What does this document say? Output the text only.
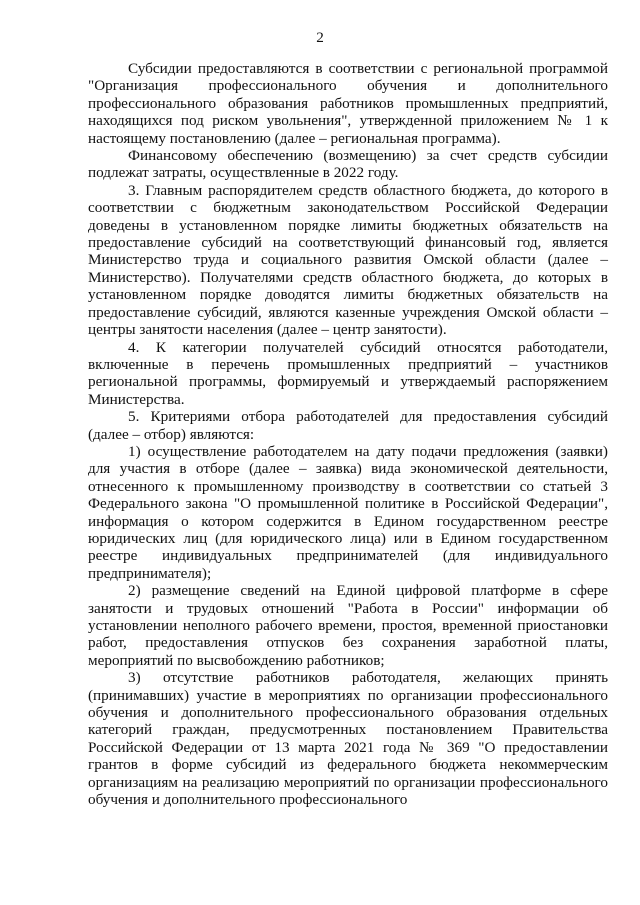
2

Субсидии предоставляются в соответствии с региональной программой "Организация профессионального обучения и дополнительного профессионального образования работников промышленных предприятий, находящихся под риском увольнения", утвержденной приложением № 1 к настоящему постановлению (далее – региональная программа).

Финансовому обеспечению (возмещению) за счет средств субсидии подлежат затраты, осуществленные в 2022 году.

3. Главным распорядителем средств областного бюджета, до которого в соответствии с бюджетным законодательством Российской Федерации доведены в установленном порядке лимиты бюджетных обязательств на предоставление субсидий на соответствующий финансовый год, является Министерство труда и социального развития Омской области (далее – Министерство). Получателями средств областного бюджета, до которых в установленном порядке доводятся лимиты бюджетных обязательств на предоставление субсидий, являются казенные учреждения Омской области – центры занятости населения (далее – центр занятости).

4. К категории получателей субсидий относятся работодатели, включенные в перечень промышленных предприятий – участников региональной программы, формируемый и утверждаемый распоряжением Министерства.

5. Критериями отбора работодателей для предоставления субсидий (далее – отбор) являются:

1) осуществление работодателем на дату подачи предложения (заявки) для участия в отборе (далее – заявка) вида экономической деятельности, отнесенного к промышленному производству в соответствии со статьей 3 Федерального закона "О промышленной политике в Российской Федерации", информация о котором содержится в Едином государственном реестре юридических лиц (для юридического лица) или в Едином государственном реестре индивидуальных предпринимателей (для индивидуального предпринимателя);

2) размещение сведений на Единой цифровой платформе в сфере занятости и трудовых отношений "Работа в России" информации об установлении неполного рабочего времени, простоя, временной приостановки работ, предоставления отпусков без сохранения заработной платы, мероприятий по высвобождению работников;

3) отсутствие работников работодателя, желающих принять (принимавших) участие в мероприятиях по организации профессионального обучения и дополнительного профессионального образования отдельных категорий граждан, предусмотренных постановлением Правительства Российской Федерации от 13 марта 2021 года № 369 "О предоставлении грантов в форме субсидий из федерального бюджета некоммерческим организациям на реализацию мероприятий по организации профессионального обучения и дополнительного профессионального
